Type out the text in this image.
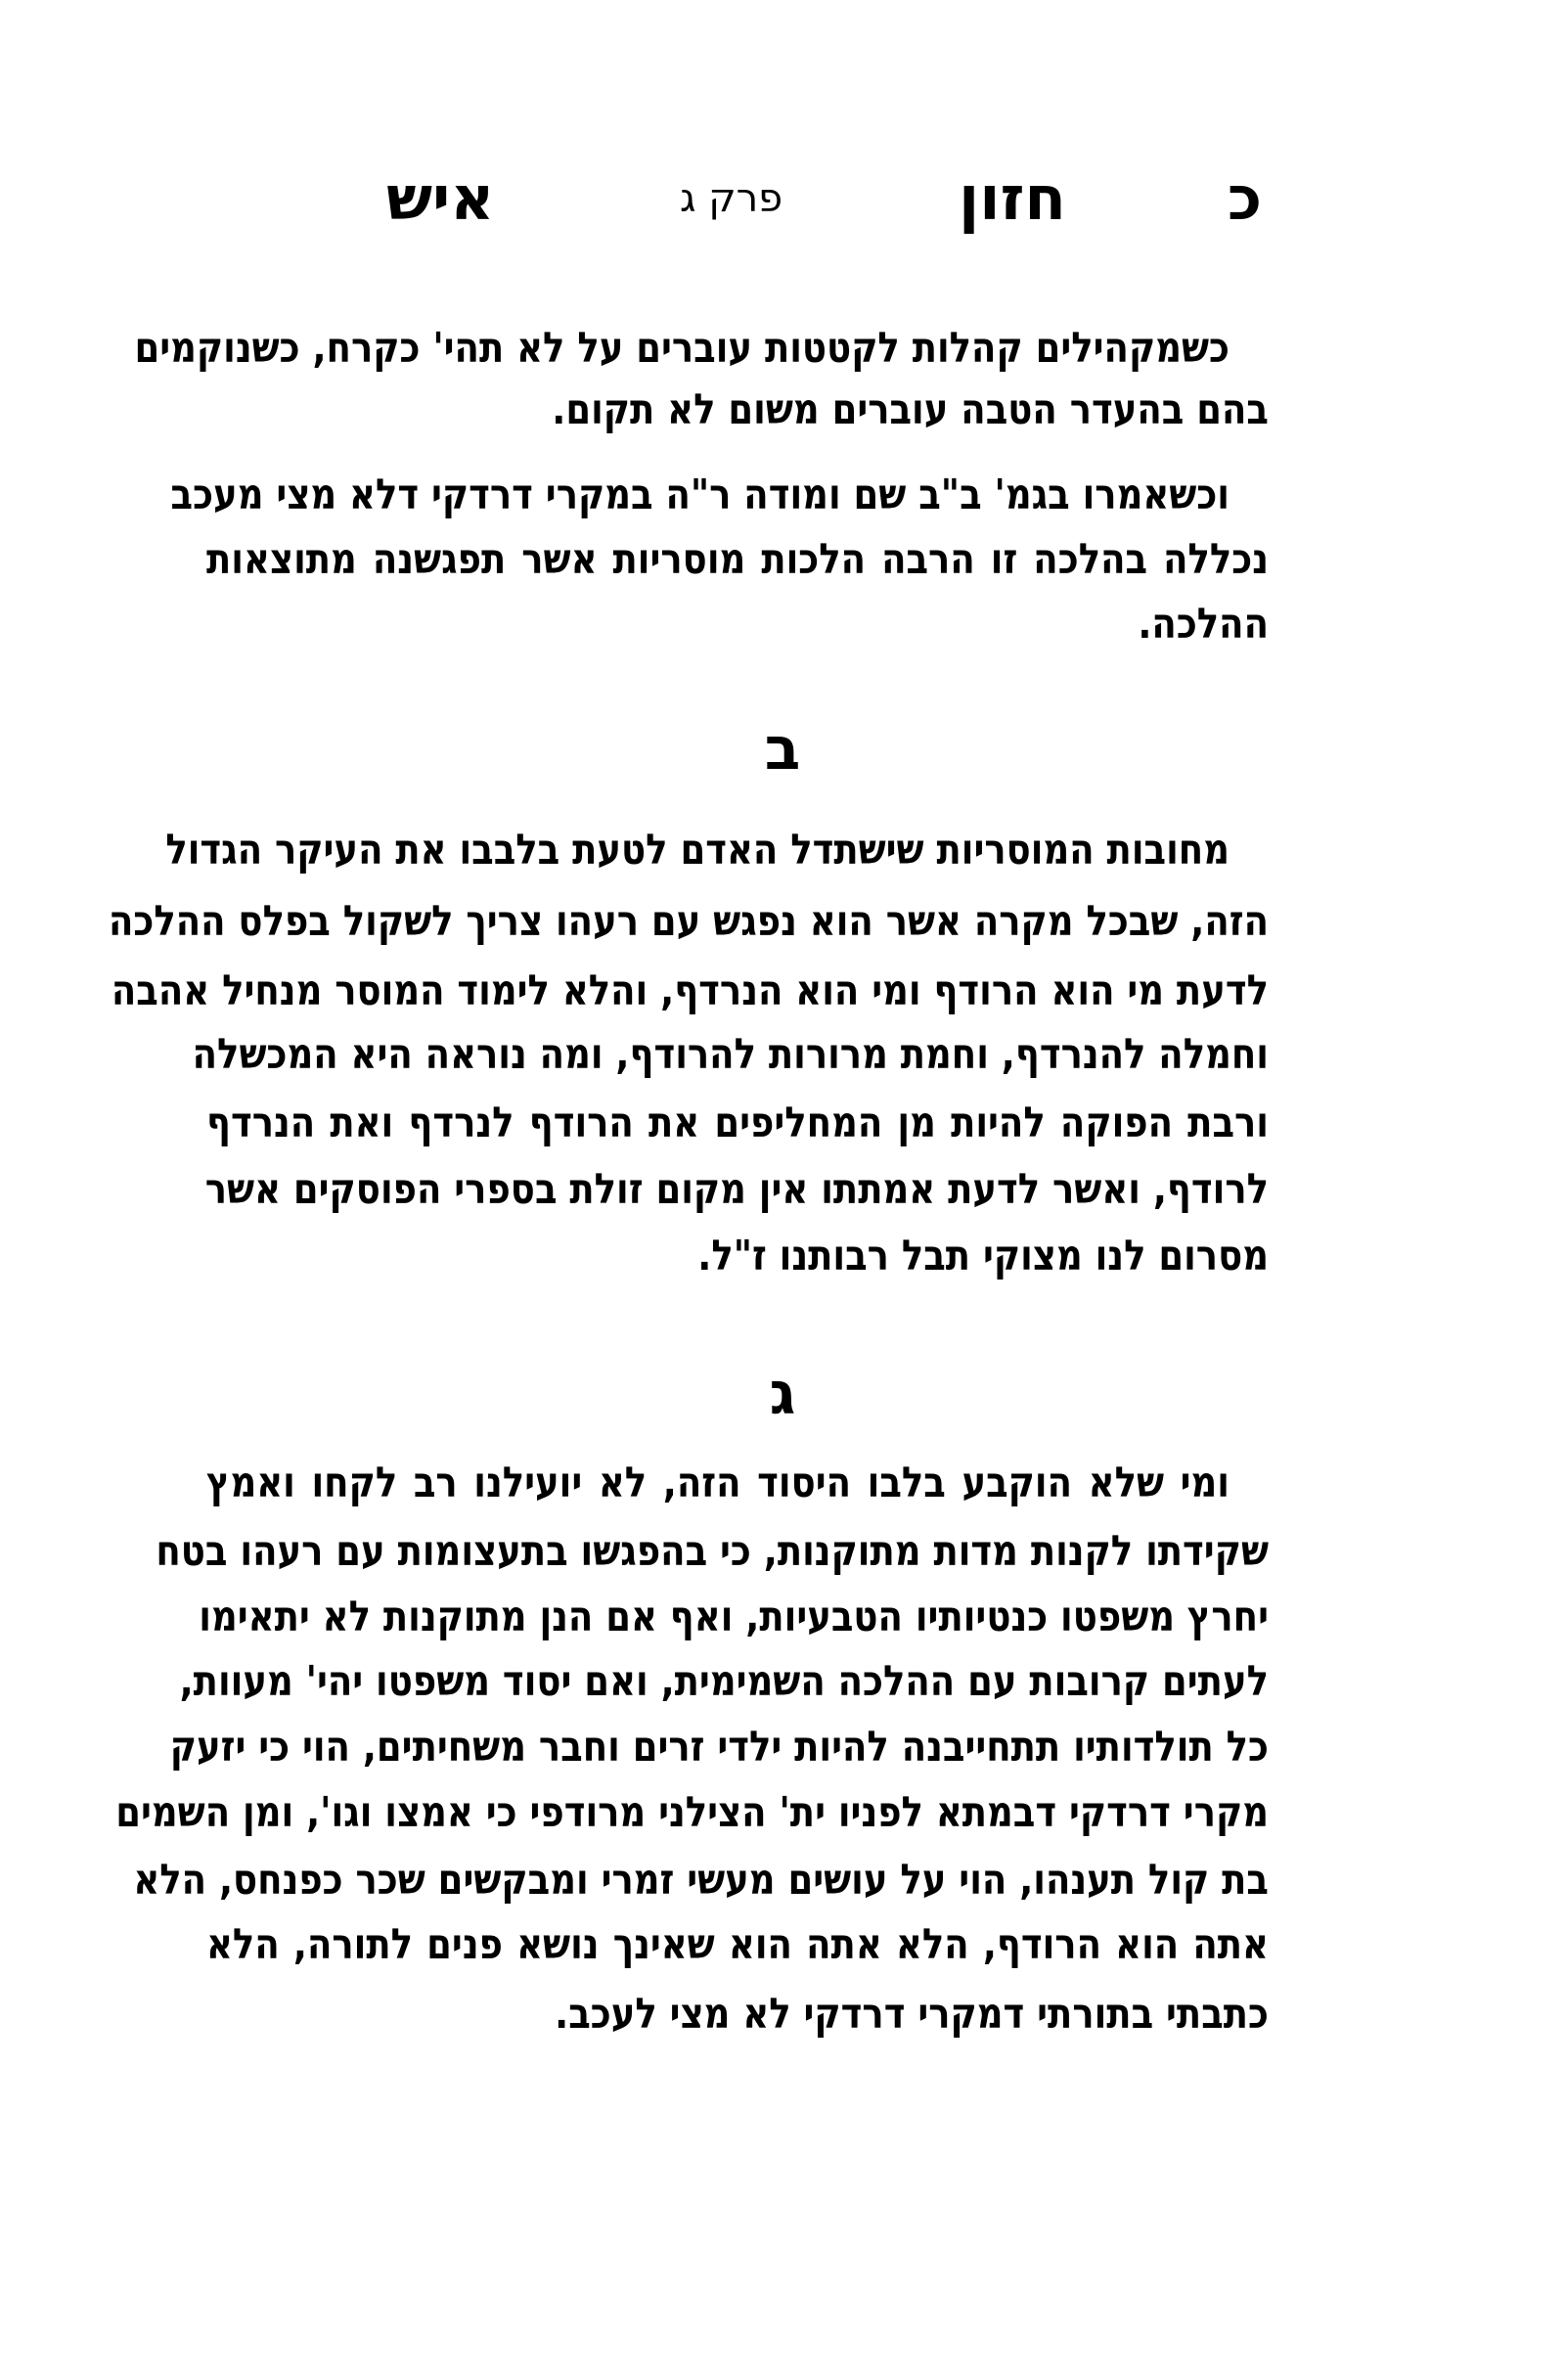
כ
חזון
פרק ג
איש
כשמקהילים קהלות לקטטות עוברים על לא תהי' כקרח, כשנוקמים
בהם בהעדר הטבה עוברים משום לא תקום.
וכשאמרו בגמ' ב"ב שם ומודה ר"ה במקרי דרדקי דלא מצי מעכב
נכללה בהלכה זו הרבה הלכות מוסריות אשר תפגשנה מתוצאות
ההלכה.
ב
מחובות המוסריות שישתדל האדם לטעת בלבבו את העיקר הגדול
הזה, שבכל מקרה אשר הוא נפגש עם רעהו צריך לשקול בפלס ההלכה
לדעת מי הוא הרודף ומי הוא הנרדף, והלא לימוד המוסר מנחיל אהבה
וחמלה להנרדף, וחמת מרורות להרודף, ומה נוראה היא המכשלה
ורבת הפוקה להיות מן המחליפים את הרודף לנרדף ואת הנרדף
לרודף, ואשר לדעת אמתתו אין מקום זולת בספרי הפוסקים אשר
מסרום לנו מצוקי תבל רבותנו ז"ל.
ג
ומי שלא הוקבע בלבו היסוד הזה, לא יועילנו רב לקחו ואמץ
שקידתו לקנות מדות מתוקנות, כי בהפגשו בתעצומות עם רעהו בטח
יחרץ משפטו כנטיותיו הטבעיות, ואף אם הנן מתוקנות לא יתאימו
לעתים קרובות עם ההלכה השמימית, ואם יסוד משפטו יהי' מעוות,
כל תולדותיו תתחייבנה להיות ילדי זרים וחבר משחיתים, הוי כי יזעק
מקרי דרדקי דבמתא לפניו ית' הצילני מרודפי כי אמצו וגו', ומן השמים
בת קול תענהו, הוי על עושים מעשי זמרי ומבקשים שכר כפנחס, הלא
אתה הוא הרודף, הלא אתה הוא שאינך נושא פנים לתורה, הלא
כתבתי בתורתי דמקרי דרדקי לא מצי לעכב.
